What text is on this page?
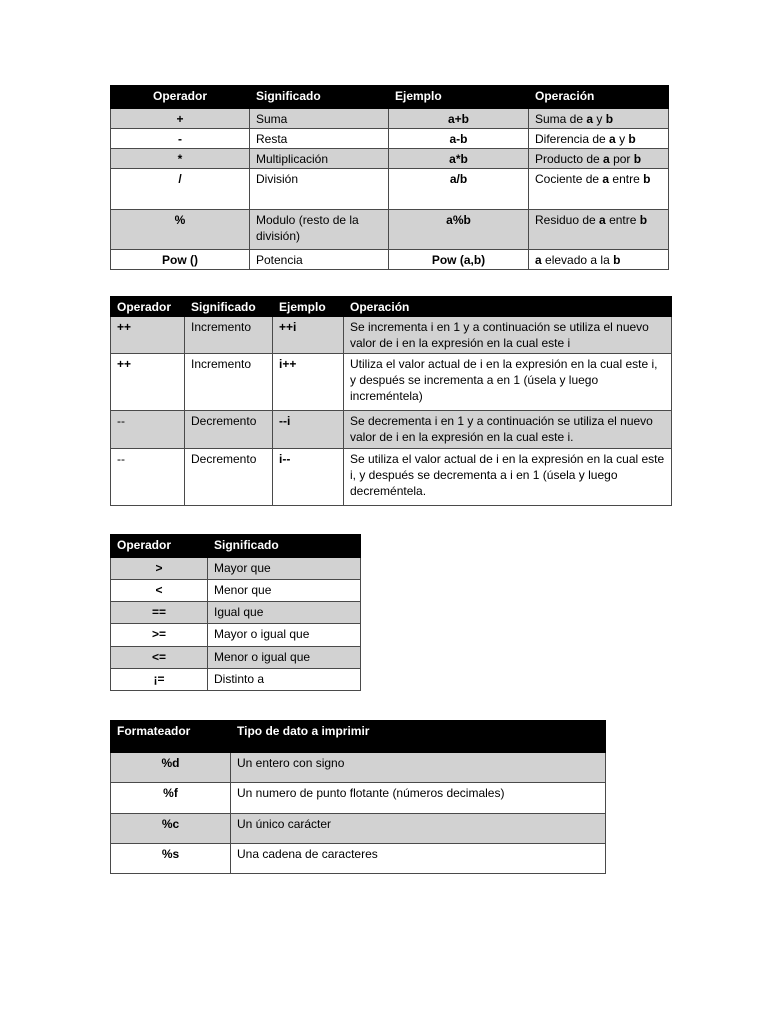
Operador	Significado	Ejemplo	Operación
+	Suma	a+b	Suma de a y b
-	Resta	a-b	Diferencia de a y b
*	Multiplicación	a*b	Producto de a por b
/	División	a/b	Cociente de a entre b
%	Modulo (resto de la división)	a%b	Residuo de a entre b
Pow ()	Potencia	Pow (a,b)	a elevado a la b
Operador	Significado	Ejemplo	Operación
++	Incremento	++i	Se incrementa i en 1 y a continuación se utiliza el nuevo valor de i en la expresión en la cual este i
++	Incremento	i++	Utiliza el valor actual de i en la expresión en la cual este i, y después se incrementa a en 1 (úsela y luego increméntela)
--	Decremento	--i	Se decrementa i en 1 y a continuación se utiliza el nuevo valor de i en la expresión en la cual este i.
--	Decremento	i--	Se utiliza el valor actual de i en la expresión en la cual este i, y después se decrementa a i en 1 (úsela y luego decreméntela.
Operador	Significado
>	Mayor que
<	Menor que
==	Igual que
>=	Mayor o igual que
<=	Menor o igual que
¡=	Distinto a
Formateador	Tipo de dato a imprimir
%d	Un entero con signo
%f	Un numero de punto flotante (números decimales)
%c	Un único carácter
%s	Una cadena de caracteres
